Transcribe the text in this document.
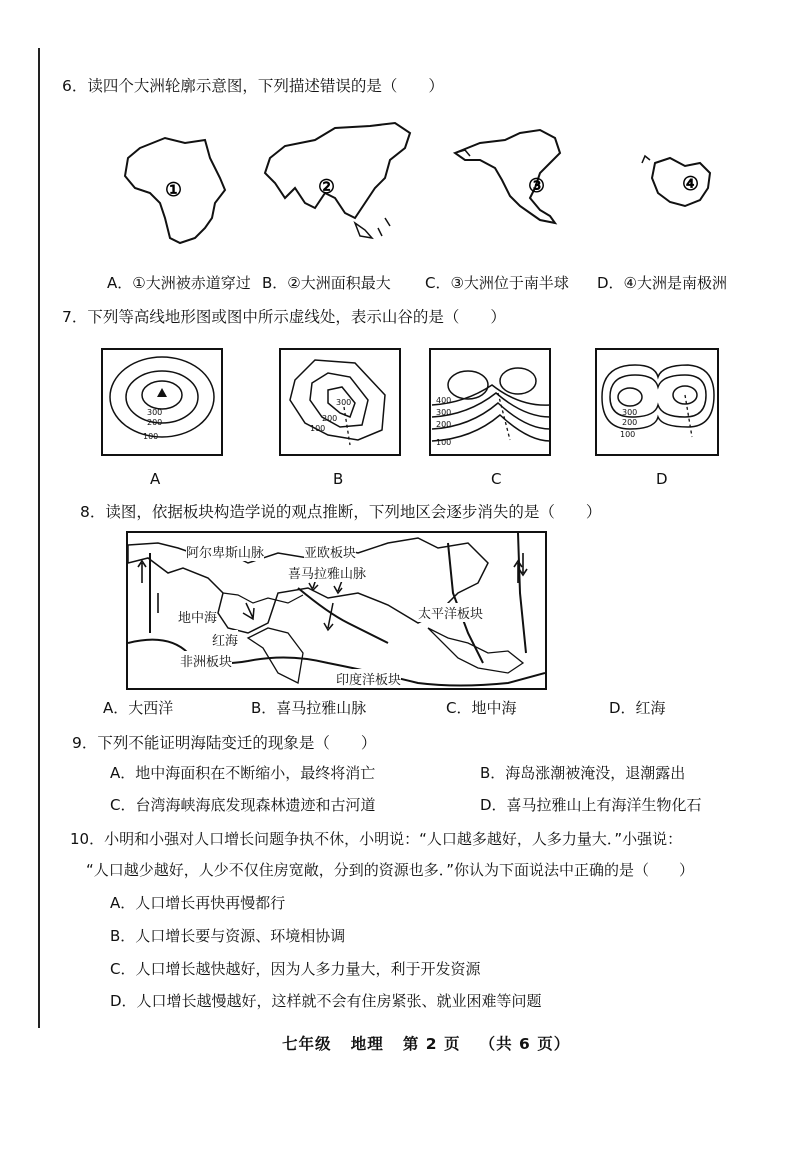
6．读四个大洲轮廓示意图，下列描述错误的是（　　）
①	②	③	④
A．①大洲被赤道穿过 B．②大洲面积最大 C．③大洲位于南半球 D．④大洲是南极洲
7．下列等高线地形图或图中所示虚线处，表示山谷的是（　　）
300
200
100
300
200
100
400
300
200
100
300
200
100
A	B	C	D
8．读图，依据板块构造学说的观点推断，下列地区会逐步消失的是（　　）
阿尔卑斯山脉	亚欧板块
喜马拉雅山脉
地中海	太平洋板块
红海
非洲板块
印度洋板块
A．大西洋	B．喜马拉雅山脉	C．地中海	D．红海
9．下列不能证明海陆变迁的现象是（　　）
A．地中海面积在不断缩小，最终将消亡	B．海岛涨潮被淹没，退潮露出
C．台湾海峡海底发现森林遗迹和古河道	D．喜马拉雅山上有海洋生物化石
10．小明和小强对人口增长问题争执不休，小明说：“人口越多越好，人多力量大．”小强说：
“人口越少越好，人少不仅住房宽敞，分到的资源也多．”你认为下面说法中正确的是（　　）
A．人口增长再快再慢都行
B．人口增长要与资源、环境相协调
C．人口增长越快越好，因为人多力量大，利于开发资源
D．人口增长越慢越好，这样就不会有住房紧张、就业困难等问题
七年级   地理   第 2 页   （共 6 页）
